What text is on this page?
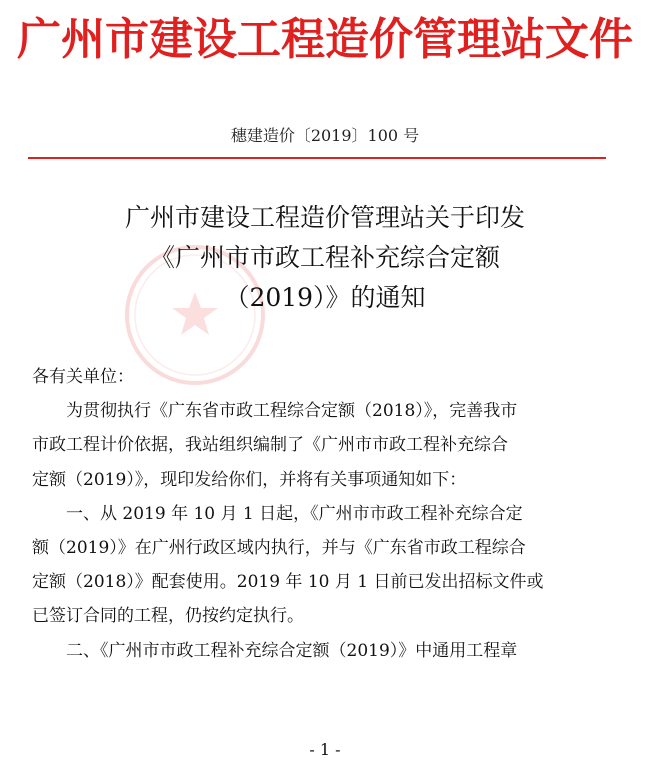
广州市建设工程造价管理站文件
穗建造价〔2019〕100 号
广州市建设工程造价管理站关于印发
《广州市市政工程补充综合定额
（2019）》的通知
各有关单位：
为贯彻执行《广东省市政工程综合定额（2018）》，完善我市
市政工程计价依据，我站组织编制了《广州市市政工程补充综合
定额（2019）》，现印发给你们，并将有关事项通知如下：
一、从 2019 年 10 月 1 日起，《广州市市政工程补充综合定
额（2019）》在广州行政区域内执行，并与《广东省市政工程综合
定额（2018）》配套使用。2019 年 10 月 1 日前已发出招标文件或
已签订合同的工程，仍按约定执行。
二、《广州市市政工程补充综合定额（2019）》中通用工程章
- 1 -
